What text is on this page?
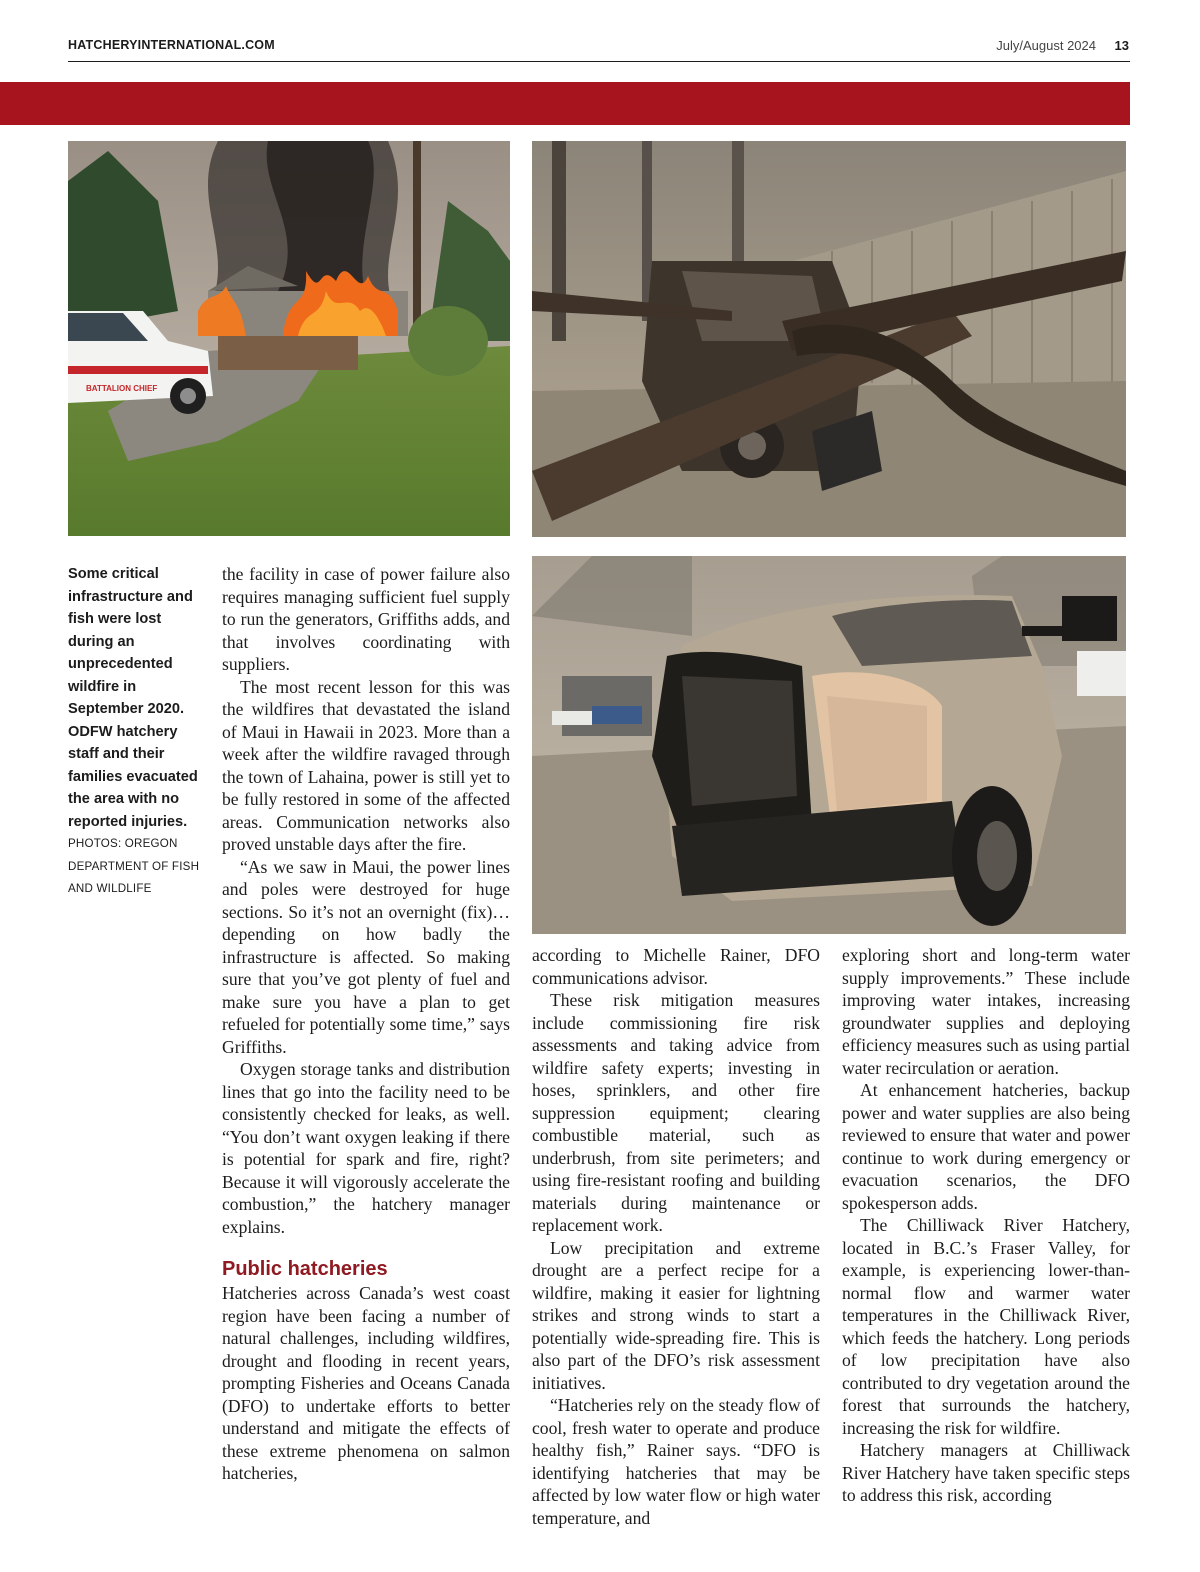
HATCHERYINTERNATIONAL.COM	July/August 2024 13
BATTALION CHIEF

Some critical infrastructure and fish were lost during an unprecedented wildfire in September 2020. ODFW hatchery staff and their families evacuated the area with no reported injuries.

PHOTOS: OREGON DEPARTMENT OF FISH AND WILDLIFE

the facility in case of power failure also requires managing sufficient fuel supply to run the generators, Griffiths adds, and that involves coordinating with suppliers.

The most recent lesson for this was the wildfires that devastated the island of Maui in Hawaii in 2023. More than a week after the wildfire ravaged through the town of Lahaina, power is still yet to be fully restored in some of the affected areas. Communication networks also proved unstable days after the fire.

“As we saw in Maui, the power lines and poles were destroyed for huge sections. So it’s not an overnight (fix)… depending on how badly the infrastructure is affected. So making sure that you’ve got plenty of fuel and make sure you have a plan to get refueled for potentially some time,” says Griffiths.

Oxygen storage tanks and distribution lines that go into the facility need to be consistently checked for leaks, as well. “You don’t want oxygen leaking if there is potential for spark and fire, right? Because it will vigorously accelerate the combustion,” the hatchery manager explains.

Public hatcheries

Hatcheries across Canada’s west coast region have been facing a number of natural challenges, including wildfires, drought and flooding in recent years, prompting Fisheries and Oceans Canada (DFO) to undertake efforts to better understand and mitigate the effects of these extreme phenomena on salmon hatcheries,

according to Michelle Rainer, DFO communications advisor.

These risk mitigation measures include commissioning fire risk assessments and taking advice from wildfire safety experts; investing in hoses, sprinklers, and other fire suppression equipment; clearing combustible material, such as underbrush, from site perimeters; and using fire-resistant roofing and building materials during maintenance or replacement work.

Low precipitation and extreme drought are a perfect recipe for a wildfire, making it easier for lightning strikes and strong winds to start a potentially wide-spreading fire. This is also part of the DFO’s risk assessment initiatives.

“Hatcheries rely on the steady flow of cool, fresh water to operate and produce healthy fish,” Rainer says. “DFO is identifying hatcheries that may be affected by low water flow or high water temperature, and

exploring short and long-term water supply improvements.” These include improving water intakes, increasing groundwater supplies and deploying efficiency measures such as using partial water recirculation or aeration.

At enhancement hatcheries, backup power and water supplies are also being reviewed to ensure that water and power continue to work during emergency or evacuation scenarios, the DFO spokesperson adds.

The Chilliwack River Hatchery, located in B.C.’s Fraser Valley, for example, is experiencing lower-than-normal flow and warmer water temperatures in the Chilliwack River, which feeds the hatchery. Long periods of low precipitation have also contributed to dry vegetation around the forest that surrounds the hatchery, increasing the risk for wildfire.

Hatchery managers at Chilliwack River Hatchery have taken specific steps to address this risk, according
